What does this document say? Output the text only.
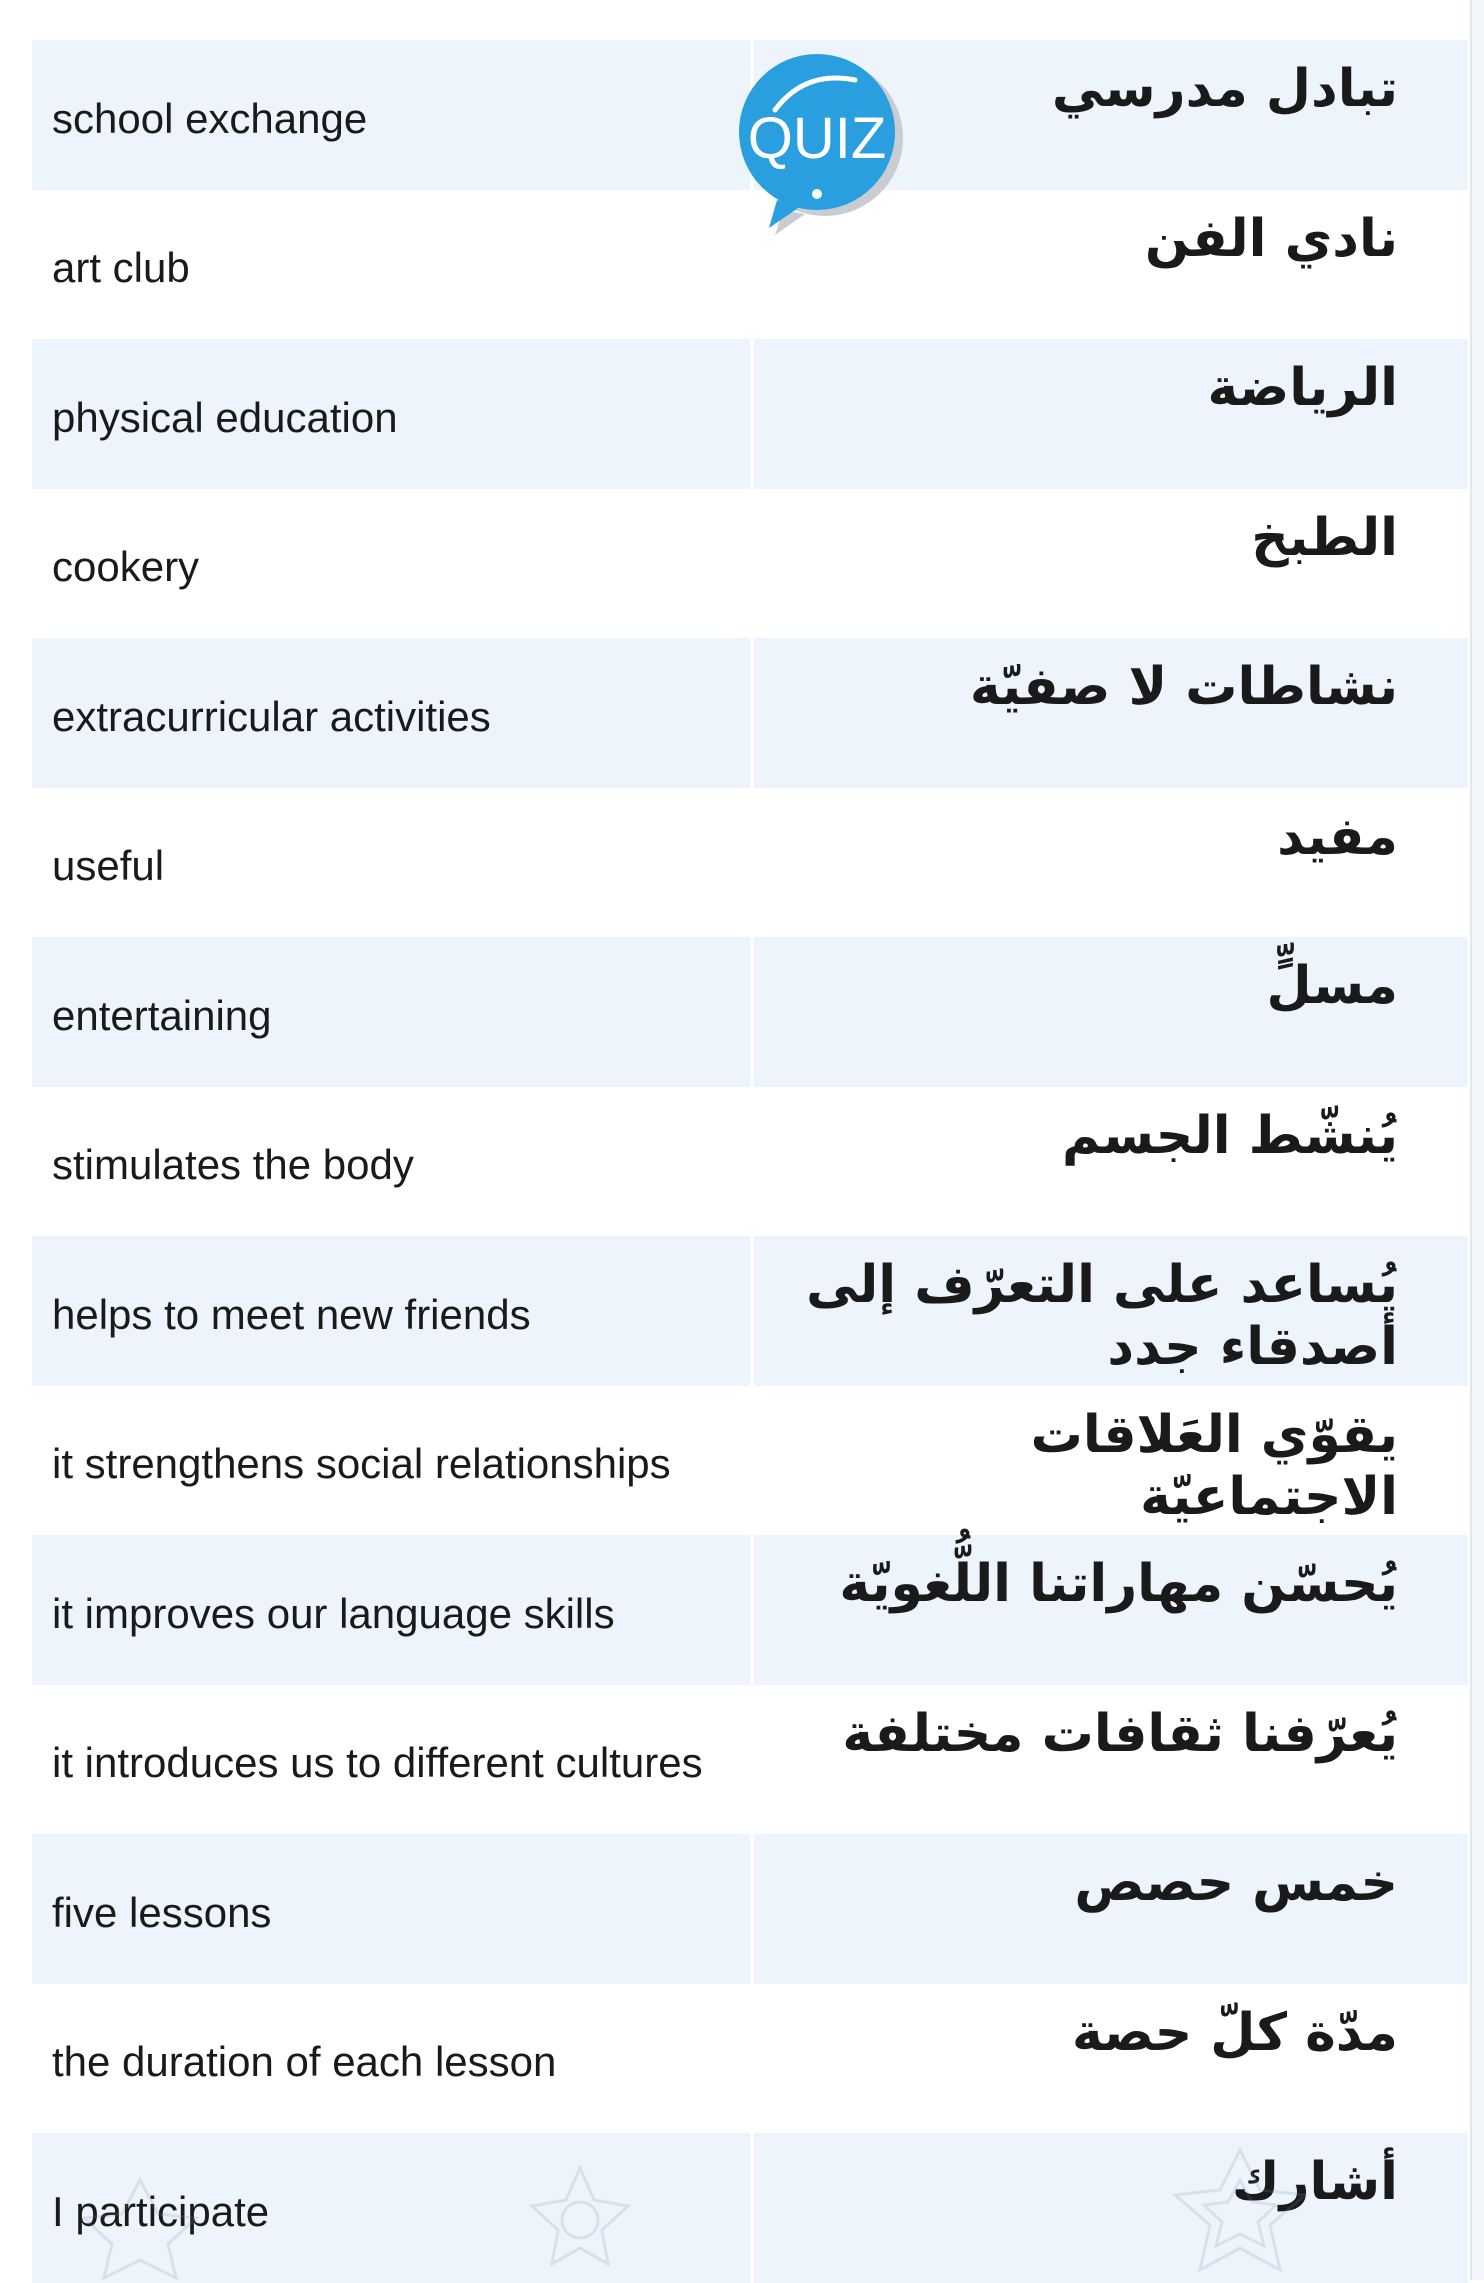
school exchange	تبادل مدرسي
art club	نادي الفن
physical education	الرياضة
cookery	الطبخ
extracurricular activities	نشاطات لا صفيّة
useful	مفيد
entertaining	مسلٍّ
stimulates the body	يُنشّط الجسم
helps to meet new friends	يُساعد على التعرّف إلى أصدقاء جدد
it strengthens social relationships	يقوّي العَلاقات الاجتماعيّة
it improves our language skills	يُحسّن مهاراتنا اللُّغويّة
it introduces us to different cultures	يُعرّفنا ثقافات مختلفة
five lessons	خمس حصص
the duration of each lesson	مدّة كلّ حصة
I participate	أشارك
QUIZ
